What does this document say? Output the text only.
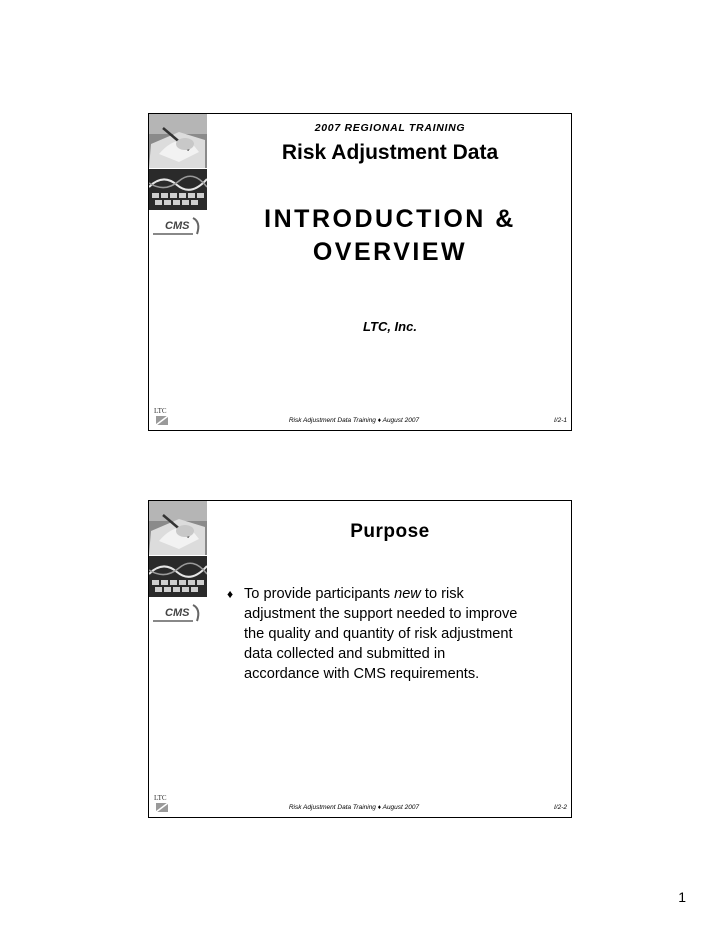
CMS
LTC
2007 REGIONAL TRAINING
Risk Adjustment Data
INTRODUCTION &
OVERVIEW
LTC, Inc.
Risk Adjustment Data Training ♦ August 2007	I/2-1
CMS
LTC
Purpose
♦ To provide participants new to risk
adjustment the support needed to improve
the quality and quantity of risk adjustment
data collected and submitted in
accordance with CMS requirements.
Risk Adjustment Data Training ♦ August 2007	I/2-2
1
